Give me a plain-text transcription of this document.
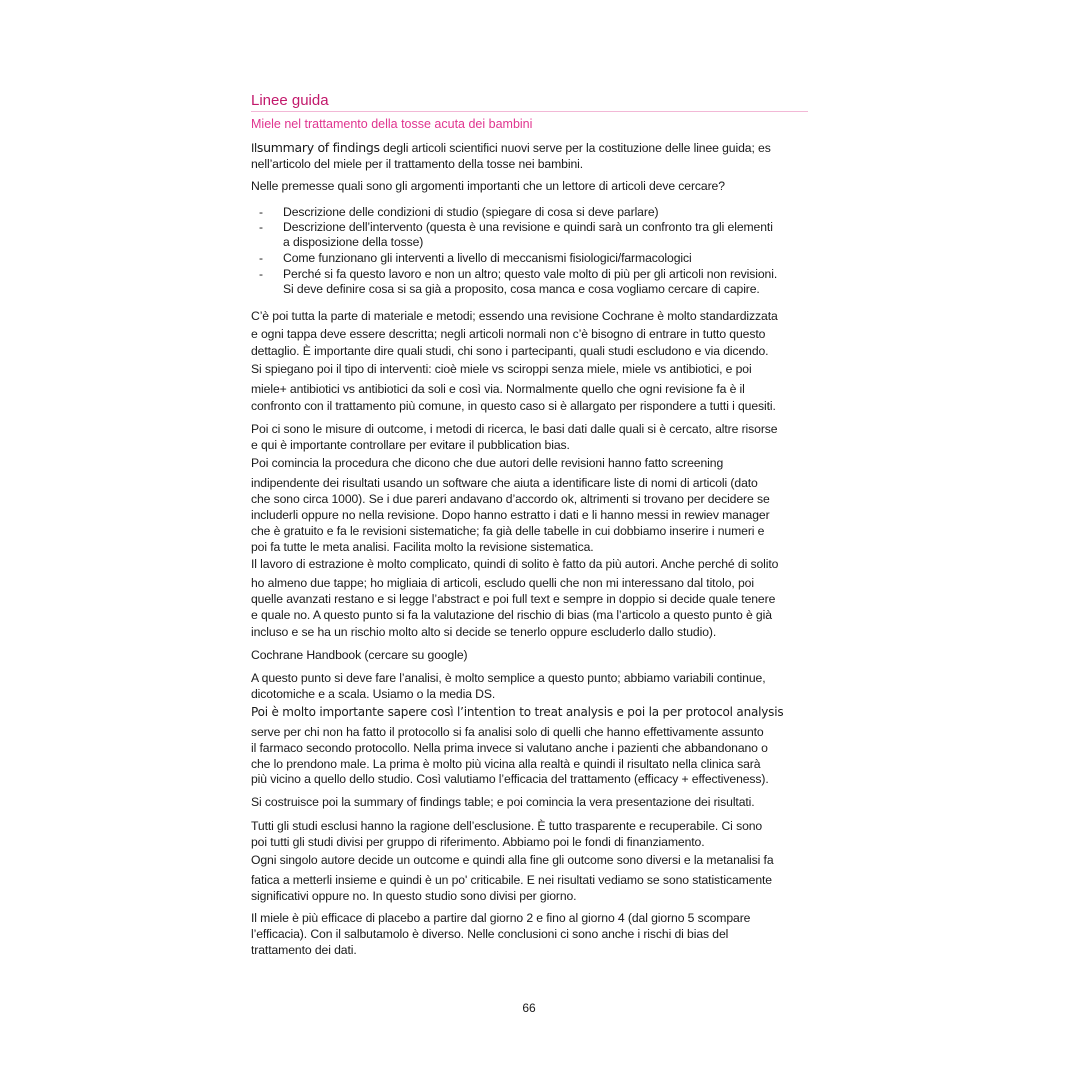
Linee guida
Miele nel trattamento della tosse acuta dei bambini
Ilsummary of findings degli articoli scientifici nuovi serve per la costituzione delle linee guida; es
nell’articolo del miele per il trattamento della tosse nei bambini.
Nelle premesse quali sono gli argomenti importanti che un lettore di articoli deve cercare?
- Descrizione delle condizioni di studio (spiegare di cosa si deve parlare)
- Descrizione dell’intervento (questa è una revisione e quindi sarà un confronto tra gli elementi
a disposizione della tosse)
- Come funzionano gli interventi a livello di meccanismi fisiologici/farmacologici
- Perché si fa questo lavoro e non un altro; questo vale molto di più per gli articoli non revisioni.
Si deve definire cosa si sa già a proposito, cosa manca e cosa vogliamo cercare di capire.
C’è poi tutta la parte di materiale e metodi; essendo una revisione Cochrane è molto standardizzata
e ogni tappa deve essere descritta; negli articoli normali non c’è bisogno di entrare in tutto questo
dettaglio. È importante dire quali studi, chi sono i partecipanti, quali studi escludono e via dicendo.
Si spiegano poi il tipo di interventi: cioè miele vs sciroppi senza miele, miele vs antibiotici, e poi
miele+ antibiotici vs antibiotici da soli e così via. Normalmente quello che ogni revisione fa è il
confronto con il trattamento più comune, in questo caso si è allargato per rispondere a tutti i quesiti.
Poi ci sono le misure di outcome, i metodi di ricerca, le basi dati dalle quali si è cercato, altre risorse
e qui è importante controllare per evitare il pubblication bias.
Poi comincia la procedura che dicono che due autori delle revisioni hanno fatto screening
indipendente dei risultati usando un software che aiuta a identificare liste di nomi di articoli (dato
che sono circa 1000). Se i due pareri andavano d’accordo ok, altrimenti si trovano per decidere se
includerli oppure no nella revisione. Dopo hanno estratto i dati e li hanno messi in rewiev manager
che è gratuito e fa le revisioni sistematiche; fa già delle tabelle in cui dobbiamo inserire i numeri e
poi fa tutte le meta analisi. Facilita molto la revisione sistematica.
Il lavoro di estrazione è molto complicato, quindi di solito è fatto da più autori. Anche perché di solito
ho almeno due tappe; ho migliaia di articoli, escludo quelli che non mi interessano dal titolo, poi
quelle avanzati restano e si legge l’abstract e poi full text e sempre in doppio si decide quale tenere
e quale no. A questo punto si fa la valutazione del rischio di bias (ma l’articolo a questo punto è già
incluso e se ha un rischio molto alto si decide se tenerlo oppure escluderlo dallo studio).
Cochrane Handbook (cercare su google)
A questo punto si deve fare l’analisi, è molto semplice a questo punto; abbiamo variabili continue,
dicotomiche e a scala. Usiamo o la media DS.
Poi è molto importante sapere così l’intention to treat analysis e poi la per protocol analysis
serve per chi non ha fatto il protocollo si fa analisi solo di quelli che hanno effettivamente assunto
il farmaco secondo protocollo. Nella prima invece si valutano anche i pazienti che abbandonano o
che lo prendono male. La prima è molto più vicina alla realtà e quindi il risultato nella clinica sarà
più vicino a quello dello studio. Così valutiamo l’efficacia del trattamento (efficacy + effectiveness).
Si costruisce poi la summary of findings table; e poi comincia la vera presentazione dei risultati.
Tutti gli studi esclusi hanno la ragione dell’esclusione. È tutto trasparente e recuperabile. Ci sono
poi tutti gli studi divisi per gruppo di riferimento. Abbiamo poi le fondi di finanziamento.
Ogni singolo autore decide un outcome e quindi alla fine gli outcome sono diversi e la metanalisi fa
fatica a metterli insieme e quindi è un po' criticabile. E nei risultati vediamo se sono statisticamente
significativi oppure no. In questo studio sono divisi per giorno.
Il miele è più efficace di placebo a partire dal giorno 2 e fino al giorno 4 (dal giorno 5 scompare
l’efficacia). Con il salbutamolo è diverso. Nelle conclusioni ci sono anche i rischi di bias del
trattamento dei dati.
66
